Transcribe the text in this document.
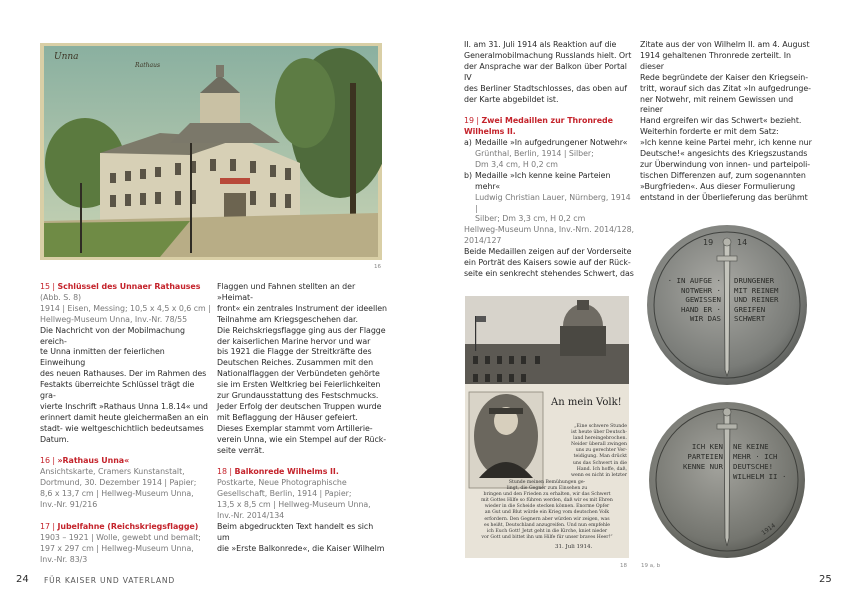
Unna
Rathaus
16

15 | Schlüssel des Unnaer Rathauses

(Abb. S. 8)

1914 | Eisen, Messing; 10,5 x 4,5 x 0,6 cm |

Hellweg-Museum Unna, Inv.-Nr. 78/55

Die Nachricht von der Mobilmachung ereich-

te Unna inmitten der feierlichen Einweihung

des neuen Rathauses. Der im Rahmen des

Festakts überreichte Schlüssel trägt die gra-

vierte Inschrift »Rathaus Unna 1.8.14« und

erinnert damit heute gleichermaßen an ein

stadt- wie weltgeschichtlich bedeutsames

Datum.

16 | »Rathaus Unna«

Ansichtskarte, Cramers Kunstanstalt,

Dortmund, 30. Dezember 1914 | Papier;

8,6 x 13,7 cm | Hellweg-Museum Unna,

Inv.-Nr. 91/216

17 | Jubelfahne (Reichskriegsflagge)

1903 – 1921 | Wolle, gewebt und bemalt;

197 x 297 cm | Hellweg-Museum Unna,

Inv.-Nr. 83/3

Flaggen und Fahnen stellten an der »Heimat-

front« ein zentrales Instrument der ideellen

Teilnahme am Kriegsgeschehen dar.

Die Reichskriegsflagge ging aus der Flagge

der kaiserlichen Marine hervor und war

bis 1921 die Flagge der Streitkräfte des

Deutschen Reiches. Zusammen mit den

Nationalflaggen der Verbündeten gehörte

sie im Ersten Weltkrieg bei Feierlichkeiten

zur Grundausstattung des Festschmucks.

Jeder Erfolg der deutschen Truppen wurde

mit Beflaggung der Häuser gefeiert.

Dieses Exemplar stammt vom Artillerie-

verein Unna, wie ein Stempel auf der Rück-

seite verrät.

18 | Balkonrede Wilhelms II.

Postkarte, Neue Photographische

Gesellschaft, Berlin, 1914 | Papier;

13,5 x 8,5 cm | Hellweg-Museum Unna,

Inv.-Nr. 2014/134

Beim abgedruckten Text handelt es sich um

die »Erste Balkonrede«, die Kaiser Wilhelm

24 FÜR KAISER UND VATERLAND

II. am 31. Juli 1914 als Reaktion auf die

Generalmobilmachung Russlands hielt. Ort

der Ansprache war der Balkon über Portal IV

des Berliner Stadtschlosses, das oben auf

der Karte abgebildet ist.

19 | Zwei Medaillen zur Thronrede

Wilhelms II.

a) Medaille »In aufgedrungener Notwehr«
Grünthal, Berlin, 1914 | Silber;
Dm 3,4 cm, H 0,2 cm
b) Medaille »Ich kenne keine Parteien
mehr«
Ludwig Christian Lauer, Nürnberg, 1914 |
Silber; Dm 3,3 cm, H 0,2 cm

Hellweg-Museum Unna, Inv.-Nrn. 2014/128,

2014/127

Beide Medaillen zeigen auf der Vorderseite

ein Porträt des Kaisers sowie auf der Rück-

seite ein senkrecht stehendes Schwert, das

Zitate aus der von Wilhelm II. am 4. August

1914 gehaltenen Thronrede zerteilt. In dieser

Rede begründete der Kaiser den Kriegsein-

tritt, worauf sich das Zitat »In aufgedrunge-

ner Notwehr, mit reinem Gewissen und reiner

Hand ergreifen wir das Schwert« bezieht.

Weiterhin forderte er mit dem Satz:

»Ich kenne keine Partei mehr, ich kenne nur

Deutsche!« angesichts des Kriegszustands

zur Überwindung von innen- und parteipoli-

tischen Differenzen auf, zum sogenannten

»Burgfrieden«. Aus dieser Formulierung

entstand in der Überlieferung das berühmt

An mein Volk!

„Eine schwere Stunde

ist heute über Deutsch-

land hereingebrochen.

Neider überall zwingen

uns zu gerechter Ver-

teidigung. Man drückt

uns das Schwert in die

Hand. Ich hoffe, daß,

wenn es nicht in letzter

Stunde meinen Bemühungen ge-

lingt, die Gegner zum Einsehen zu

bringen und den Frieden zu erhalten, wir das Schwert

mit Gottes Hilfe so führen werden, daß wir es mit Ehren

wieder in die Scheide stecken können. Enorme Opfer

an Gut und Blut würde ein Krieg vom deutschen Volk

erfordern. Den Gegnern aber würden wir zeigen, was

es heißt, Deutschland anzugreifen. Und nun empfehle

ich Euch Gott! Jetzt geht in die Kirche, kniet nieder

vor Gott und bittet ihn um Hilfe für unser braves Heer!“

31. Juli 1914.
18
19	14

· IN AUFGE ·

NOTWEHR ·

GEWISSEN

HAND ER ·

WIR DAS

DRUNGENER

MIT REINEM

UND REINER

GREIFEN

SCHWERT

ICH KEN

PARTEIEN

KENNE NUR

NE KEINE

MEHR · ICH

DEUTSCHE!

WILHELM II ·

1914
19 a, b
25
